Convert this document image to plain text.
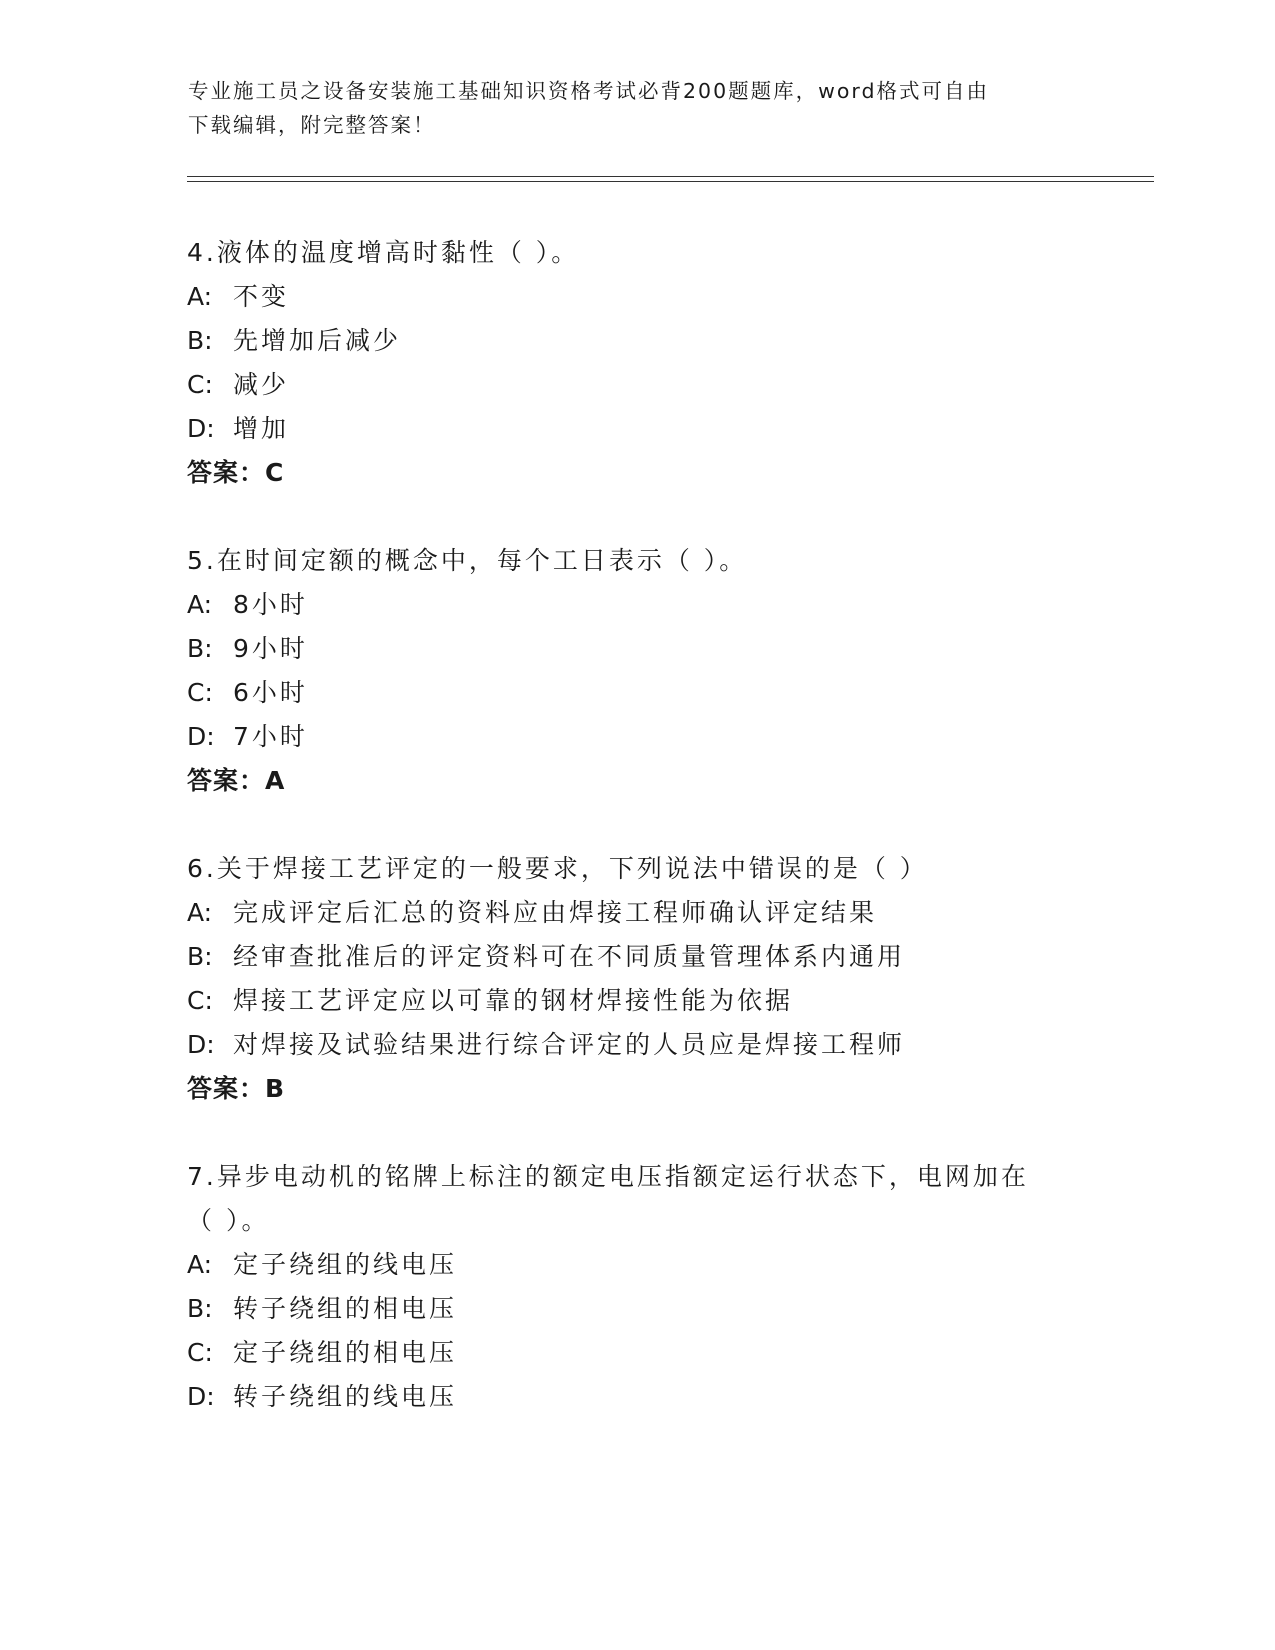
专业施工员之设备安装施工基础知识资格考试必背200题题库，word格式可自由
下载编辑，附完整答案！
4.液体的温度增高时黏性（ ）。
A: 不变
B: 先增加后减少
C: 减少
D: 增加
答案：C
5.在时间定额的概念中，每个工日表示（ ）。
A: 8小时
B: 9小时
C: 6小时
D: 7小时
答案：A
6.关于焊接工艺评定的一般要求，下列说法中错误的是（ ）
A: 完成评定后汇总的资料应由焊接工程师确认评定结果
B: 经审查批准后的评定资料可在不同质量管理体系内通用
C: 焊接工艺评定应以可靠的钢材焊接性能为依据
D: 对焊接及试验结果进行综合评定的人员应是焊接工程师
答案：B
7.异步电动机的铭牌上标注的额定电压指额定运行状态下，电网加在
（ ）。
A: 定子绕组的线电压
B: 转子绕组的相电压
C: 定子绕组的相电压
D: 转子绕组的线电压
